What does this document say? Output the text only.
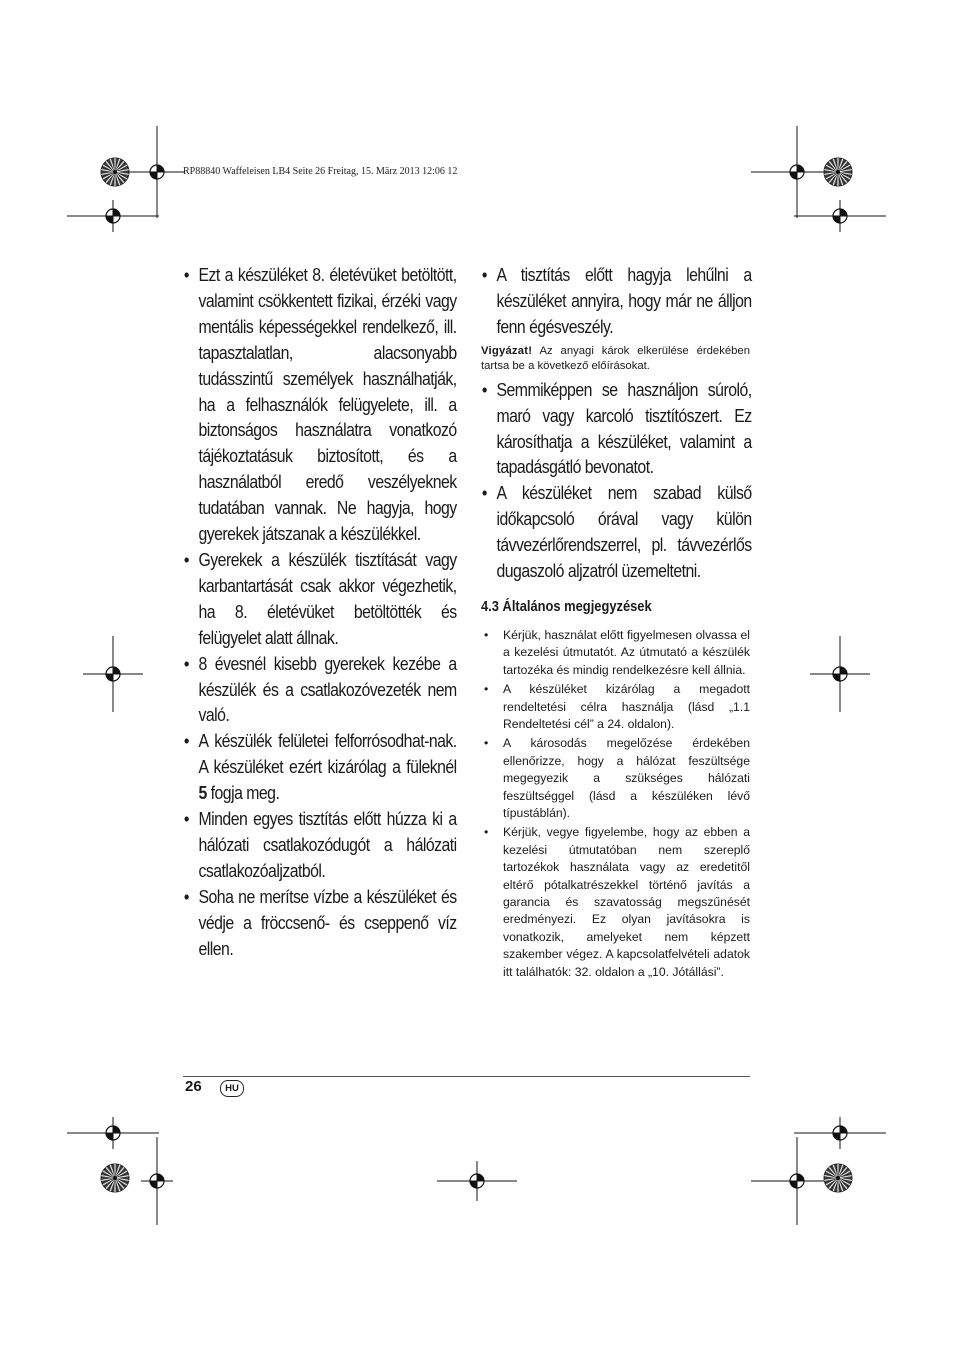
RP88840 Waffeleisen LB4 Seite 26 Freitag, 15. März 2013 12:06 12
• Ezt a készüléket 8. életévüket betöltött, valamint csökkentett fizikai, érzéki vagy mentális képességekkel rendelkező, ill. tapasztalatlan, alacsonyabb tudásszintű személyek használhatják, ha a felhasználók felügyelete, ill. a biztonságos használatra vonatkozó tájékoztatásuk biztosított, és a használatból eredő veszélyeknek tudatában vannak. Ne hagyja, hogy gyerekek játszanak a készülékkel.
• Gyerekek a készülék tisztítását vagy karbantartását csak akkor végezhetik, ha 8. életévüket betöltötték és felügyelet alatt állnak.
• 8 évesnél kisebb gyerekek kezébe a készülék és a csatlakozóvezeték nem való.
• A készülék felületei felforrósodhat-nak. A készüléket ezért kizárólag a füleknél 5 fogja meg.
• Minden egyes tisztítás előtt húzza ki a hálózati csatlakozódugót a hálózati csatlakozóaljzatból.
• Soha ne merítse vízbe a készüléket és védje a fröccsenő- és cseppenő víz ellen.
• A tisztítás előtt hagyja lehűlni a készüléket annyira, hogy már ne álljon fenn égésveszély.

Vigyázat! Az anyagi károk elkerülése érdekében tartsa be a következő előírásokat.

• Semmiképpen se használjon súroló, maró vagy karcoló tisztítószert. Ez károsíthatja a készüléket, valamint a tapadásgátló bevonatot.
• A készüléket nem szabad külső időkapcsoló órával vagy külön távvezérlőrendszerrel, pl. távvezérlős dugaszoló aljzatról üzemeltetni.
4.3 Általános megjegyzések
• Kérjük, használat előtt figyelmesen olvassa el a kezelési útmutatót. Az útmutató a készülék tartozéka és mindig rendelkezésre kell állnia.
• A készüléket kizárólag a megadott rendeltetési célra használja (lásd „1.1 Rendeltetési cél” a 24. oldalon).
• A károsodás megelőzése érdekében ellenőrizze, hogy a hálózat feszültsége megegyezik a szükséges hálózati feszültséggel (lásd a készüléken lévő típustáblán).
• Kérjük, vegye figyelembe, hogy az ebben a kezelési útmutatóban nem szereplő tartozékok használata vagy az eredetitől eltérő pótalkatrészekkel történő javítás a garancia és szavatosság megszűnését eredményezi. Ez olyan javításokra is vonatkozik, amelyeket nem képzett szakember végez. A kapcsolatfelvételi adatok itt találhatók: 32. oldalon a „10. Jótállási”.
26	HU
